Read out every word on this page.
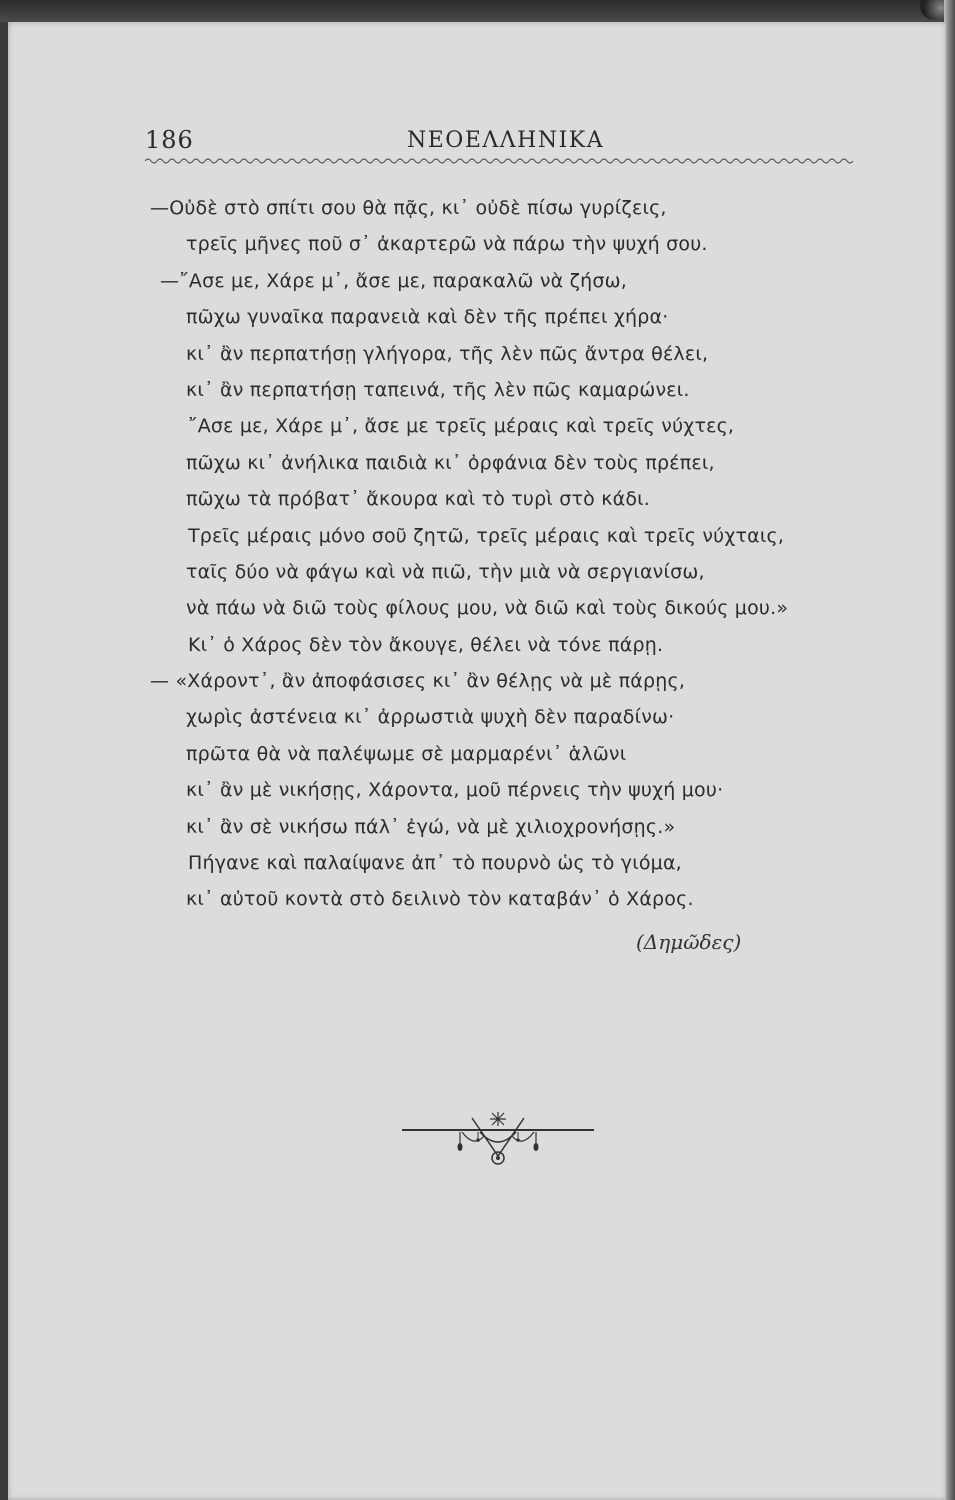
186	ΝΕΟΕΛΛΗΝΙΚΑ
—Οὐδὲ στὸ σπίτι σου θὰ πᾷς, κι᾿ οὐδὲ πίσω γυρίζεις,
τρεῖς μῆνες ποῦ σ᾿ ἀκαρτερῶ νὰ πάρω τὴν ψυχή σου.
—῎Ασε με, Χάρε μ᾿, ἄσε με, παρακαλῶ νὰ ζήσω,
πῶχω γυναῖκα παρανειὰ καὶ δὲν τῆς πρέπει χήρα·
κι᾿ ἂν περπατήσῃ γλήγορα, τῆς λὲν πῶς ἄντρα θέλει,
κι᾿ ἂν περπατήσῃ ταπεινά, τῆς λὲν πῶς καμαρώνει.
῎Ασε με, Χάρε μ᾿, ἄσε με τρεῖς μέραις καὶ τρεῖς νύχτες,
πῶχω κι᾿ ἀνήλικα παιδιὰ κι᾿ ὀρφάνια δὲν τοὺς πρέπει,
πῶχω τὰ πρόβατ᾿ ἄκουρα καὶ τὸ τυρὶ στὸ κάδι.
Τρεῖς μέραις μόνο σοῦ ζητῶ, τρεῖς μέραις καὶ τρεῖς νύχταις,
ταῖς δύο νὰ φάγω καὶ νὰ πιῶ, τὴν μιὰ νὰ σεργιανίσω,
νὰ πάω νὰ διῶ τοὺς φίλους μου, νὰ διῶ καὶ τοὺς δικούς μου.»
Κι᾿ ὁ Χάρος δὲν τὸν ἄκουγε, θέλει νὰ τόνε πάρῃ.
— «Χάροντ᾿, ἂν ἀποφάσισες κι᾿ ἂν θέλῃς νὰ μὲ πάρῃς,
χωρὶς ἀστένεια κι᾿ ἀρρωστιὰ ψυχὴ δὲν παραδίνω·
πρῶτα θὰ νὰ παλέψωμε σὲ μαρμαρένι᾿ ἁλῶνι
κι᾿ ἂν μὲ νικήσῃς, Χάροντα, μοῦ πέρνεις τὴν ψυχή μου·
κι᾿ ἂν σὲ νικήσω πάλ᾿ ἐγώ, νὰ μὲ χιλιοχρονήσῃς.»
Πήγανε καὶ παλαίψανε ἀπ᾿ τὸ πουρνὸ ὡς τὸ γιόμα,
κι᾿ αὐτοῦ κοντὰ στὸ δειλινὸ τὸν καταβάν᾿ ὁ Χάρος.
(Δημῶδες)
